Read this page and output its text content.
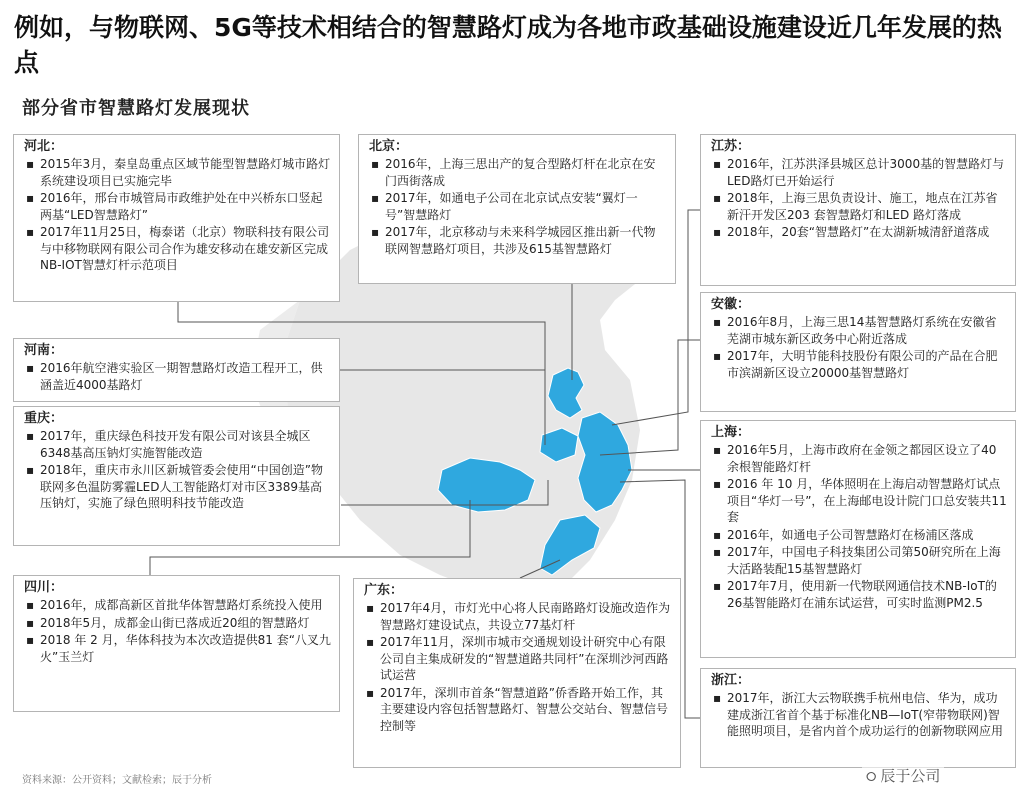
例如，与物联网、5G等技术相结合的智慧路灯成为各地市政基础设施建设近几年发展的热点
部分省市智慧路灯发展现状
河北：
▪ 2015年3月，秦皇岛重点区域节能型智慧路灯城市路灯系统建设项目已实施完毕
▪ 2016年，邢台市城管局市政维护处在中兴桥东口竖起两基“LED智慧路灯”
▪ 2017年11月25日，梅泰诺（北京）物联科技有限公司与中移物联网有限公司合作为雄安移动在雄安新区完成NB-IOT智慧灯杆示范项目
河南：
▪ 2016年航空港实验区一期智慧路灯改造工程开工，供涵盖近4000基路灯
重庆：
▪ 2017年，重庆绿色科技开发有限公司对该县全城区6348基高压钠灯实施智能改造
▪ 2018年，重庆市永川区新城管委会使用“中国创造”物联网多色温防雾霾LED人工智能路灯对市区3389基高压钠灯，实施了绿色照明科技节能改造
四川：
▪ 2016年，成都高新区首批华体智慧路灯系统投入使用
▪ 2018年5月，成都金山街已落成近20组的智慧路灯
▪ 2018 年 2 月，华体科技为本次改造提供81 套“八叉九火”玉兰灯
北京：
▪ 2016年，上海三思出产的复合型路灯杆在北京在安门西街落成
▪ 2017年，如通电子公司在北京试点安装“翼灯一号”智慧路灯
▪ 2017年，北京移动与未来科学城园区推出新一代物联网智慧路灯项目，共涉及615基智慧路灯
广东：
▪ 2017年4月，市灯光中心将人民南路路灯设施改造作为智慧路灯建设试点，共设立77基灯杆
▪ 2017年11月，深圳市城市交通规划设计研究中心有限公司自主集成研发的“智慧道路共同杆”在深圳沙河西路试运营
▪ 2017年，深圳市首条“智慧道路”侨香路开始工作，其主要建设内容包括智慧路灯、智慧公交站台、智慧信号控制等
江苏：
▪ 2016年，江苏洪泽县城区总计3000基的智慧路灯与LED路灯已开始运行
▪ 2018年，上海三思负责设计、施工，地点在江苏省新汗开发区203 套智慧路灯和LED 路灯落成
▪ 2018年，20套“智慧路灯”在太湖新城清舒道落成
安徽：
▪ 2016年8月，上海三思14基智慧路灯系统在安徽省芜湖市城东新区政务中心附近落成
▪ 2017年，大明节能科技股份有限公司的产品在合肥市滨湖新区设立20000基智慧路灯
上海：
▪ 2016年5月，上海市政府在金领之都园区设立了40余根智能路灯杆
▪ 2016 年 10 月，华体照明在上海启动智慧路灯试点项目“华灯一号”，在上海邮电设计院门口总安装共11 套
▪ 2016年，如通电子公司智慧路灯在杨浦区落成
▪ 2017年，中国电子科技集团公司第50研究所在上海大活路装配15基智慧路灯
▪ 2017年7月，使用新一代物联网通信技术NB-IoT的26基智能路灯在浦东试运营，可实时监测PM2.5
浙江：
▪ 2017年，浙江大云物联携手杭州电信、华为，成功建成浙江省首个基于标准化NB—IoT(窄带物联网)智能照明项目，是省内首个成功运行的创新物联网应用
资料来源：公开资料；文献检索；辰于分析	⭘ 辰于公司
